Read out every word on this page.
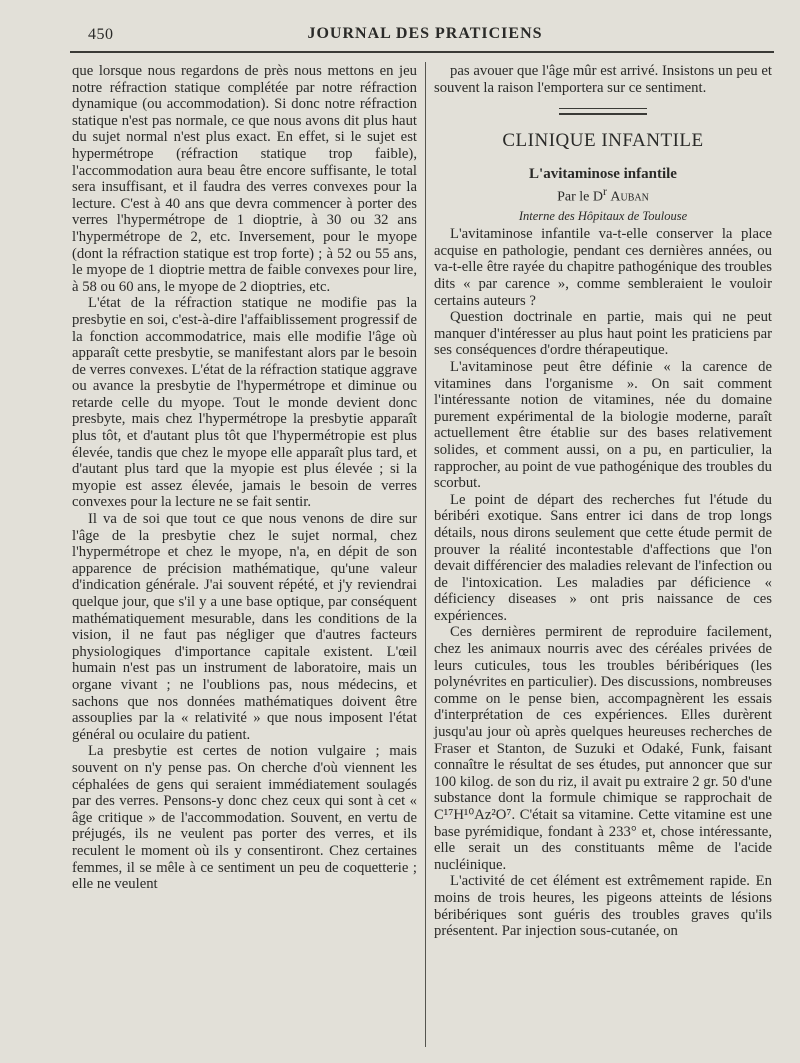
450	JOURNAL DES PRATICIENS

que lorsque nous regardons de près nous mettons en jeu notre réfraction statique complétée par notre réfraction dynamique (ou accommodation). Si donc notre réfraction statique n'est pas normale, ce que nous avons dit plus haut du sujet normal n'est plus exact. En effet, si le sujet est hypermétrope (réfraction statique trop faible), l'accommodation aura beau être encore suffisante, le total sera insuffisant, et il faudra des verres convexes pour la lecture. C'est à 40 ans que devra commencer à porter des verres l'hypermétrope de 1 dioptrie, à 30 ou 32 ans l'hypermétrope de 2, etc. Inversement, pour le myope (dont la réfraction statique est trop forte) ; à 52 ou 55 ans, le myope de 1 dioptrie mettra de faible convexes pour lire, à 58 ou 60 ans, le myope de 2 dioptries, etc.

L'état de la réfraction statique ne modifie pas la presbytie en soi, c'est-à-dire l'affaiblissement progressif de la fonction accommodatrice, mais elle modifie l'âge où apparaît cette presbytie, se manifestant alors par le besoin de verres convexes. L'état de la réfraction statique aggrave ou avance la presbytie de l'hypermétrope et diminue ou retarde celle du myope. Tout le monde devient donc presbyte, mais chez l'hypermétrope la presbytie apparaît plus tôt, et d'autant plus tôt que l'hypermétropie est plus élevée, tandis que chez le myope elle apparaît plus tard, et d'autant plus tard que la myopie est plus élevée ; si la myopie est assez élevée, jamais le besoin de verres convexes pour la lecture ne se fait sentir.

Il va de soi que tout ce que nous venons de dire sur l'âge de la presbytie chez le sujet normal, chez l'hypermétrope et chez le myope, n'a, en dépit de son apparence de précision mathématique, qu'une valeur d'indication générale. J'ai souvent répété, et j'y reviendrai quelque jour, que s'il y a une base optique, par conséquent mathématiquement mesurable, dans les conditions de la vision, il ne faut pas négliger que d'autres facteurs physiologiques d'importance capitale existent. L'œil humain n'est pas un instrument de laboratoire, mais un organe vivant ; ne l'oublions pas, nous médecins, et sachons que nos données mathématiques doivent être assouplies par la « relativité » que nous imposent l'état général ou oculaire du patient.

La presbytie est certes de notion vulgaire ; mais souvent on n'y pense pas. On cherche d'où viennent les céphalées de gens qui seraient immédiatement soulagés par des verres. Pensons-y donc chez ceux qui sont à cet « âge critique » de l'accommodation. Souvent, en vertu de préjugés, ils ne veulent pas porter des verres, et ils reculent le moment où ils y consentiront. Chez certaines femmes, il se mêle à ce sentiment un peu de coquetterie ; elle ne veulent

pas avouer que l'âge mûr est arrivé. Insistons un peu et souvent la raison l'emportera sur ce sentiment.

CLINIQUE INFANTILE
L'avitaminose infantile
Par le $D^r$ Auban
Interne des Hôpitaux de Toulouse

L'avitaminose infantile va-t-elle conserver la place acquise en pathologie, pendant ces dernières années, ou va-t-elle être rayée du chapitre pathogénique des troubles dits « par carence », comme sembleraient le vouloir certains auteurs ?

Question doctrinale en partie, mais qui ne peut manquer d'intéresser au plus haut point les praticiens par ses conséquences d'ordre thérapeutique.

L'avitaminose peut être définie « la carence de vitamines dans l'organisme ». On sait comment l'intéressante notion de vitamines, née du domaine purement expérimental de la biologie moderne, paraît actuellement être établie sur des bases relativement solides, et comment aussi, on a pu, en particulier, la rapprocher, au point de vue pathogénique des troubles du scorbut.

Le point de départ des recherches fut l'étude du béribéri exotique. Sans entrer ici dans de trop longs détails, nous dirons seulement que cette étude permit de prouver la réalité incontestable d'affections que l'on devait différencier des maladies relevant de l'infection ou de l'intoxication. Les maladies par déficience « déficiency diseases » ont pris naissance de ces expériences.

Ces dernières permirent de reproduire facilement, chez les animaux nourris avec des céréales privées de leurs cuticules, tous les troubles béribériques (les polynévrites en particulier). Des discussions, nombreuses comme on le pense bien, accompagnèrent les essais d'interprétation de ces expériences. Elles durèrent jusqu'au jour où après quelques heureuses recherches de Fraser et Stanton, de Suzuki et Odaké, Funk, faisant connaître le résultat de ses études, put annoncer que sur 100 kilog. de son du riz, il avait pu extraire 2 gr. 50 d'une substance dont la formule chimique se rapprochait de C¹⁷H¹⁰Az²O⁷. C'était sa vitamine. Cette vitamine est une base pyrémidique, fondant à 233° et, chose intéressante, elle serait un des constituants même de l'acide nucléinique.

L'activité de cet élément est extrêmement rapide. En moins de trois heures, les pigeons atteints de lésions béribériques sont guéris des troubles graves qu'ils présentent. Par injection sous-cutanée, on
